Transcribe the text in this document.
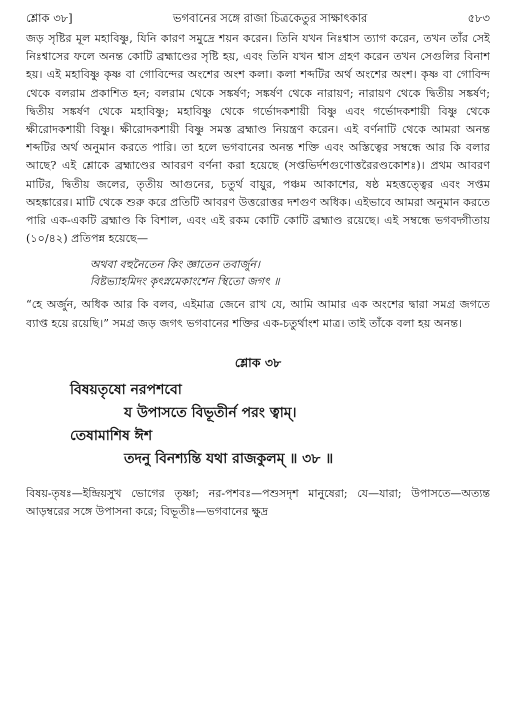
শ্লোক ৩৮]	ভগবানের সঙ্গে রাজা চিত্রকেতুর সাক্ষাৎকার	৫৮৩

জড় সৃষ্টির মূল মহাবিষ্ণু, যিনি কারণ সমুদ্রে শয়ন করেন। তিনি যখন নিঃশ্বাস ত্যাগ করেন, তখন তাঁর সেই নিঃশ্বাসের ফলে অনন্ত কোটি ব্রহ্মাণ্ডের সৃষ্টি হয়, এবং তিনি যখন শ্বাস গ্রহণ করেন তখন সেগুলির বিনাশ হয়। এই মহাবিষ্ণু কৃষ্ণ বা গোবিন্দের অংশের অংশ কলা। কলা শব্দটির অর্থ অংশের অংশ। কৃষ্ণ বা গোবিন্দ থেকে বলরাম প্রকাশিত হন; বলরাম থেকে সঙ্কর্ষণ; সঙ্কর্ষণ থেকে নারায়ণ; নারায়ণ থেকে দ্বিতীয় সঙ্কর্ষণ; দ্বিতীয় সঙ্কর্ষণ থেকে মহাবিষ্ণু; মহাবিষ্ণু থেকে গর্ভোদকশায়ী বিষ্ণু এবং গর্ভোদকশায়ী বিষ্ণু থেকে ক্ষীরোদকশায়ী বিষ্ণু। ক্ষীরোদকশায়ী বিষ্ণু সমস্ত ব্রহ্মাণ্ড নিয়ন্ত্রণ করেন। এই বর্ণনাটি থেকে আমরা অনন্ত শব্দটির অর্থ অনুমান করতে পারি। তা হলে ভগবানের অনন্ত শক্তি এবং অস্তিত্বের সম্বন্ধে আর কি বলার আছে? এই শ্লোকে ব্রহ্মাণ্ডের আবরণ বর্ণনা করা হয়েছে (সপ্তভির্দশগুণোত্তরৈরণ্ডকোশঃ)। প্রথম আবরণ মাটির, দ্বিতীয় জলের, তৃতীয় আগুনের, চতুর্থ বায়ুর, পঞ্চম আকাশের, ষষ্ঠ মহত্তত্ত্বের এবং সপ্তম অহঙ্কারের। মাটি থেকে শুরু করে প্রতিটি আবরণ উত্তরোত্তর দশগুণ অধিক। এইভাবে আমরা অনুমান করতে পারি এক-একটি ব্রহ্মাণ্ড কি বিশাল, এবং এই রকম কোটি কোটি ব্রহ্মাণ্ড রয়েছে। এই সম্বন্ধে ভগবদ্গীতায় (১০/৪২) প্রতিপন্ন হয়েছে—

অথবা বহুনৈতেন কিং জ্ঞাতেন তবার্জুন।
বিষ্টভ্যাহমিদং কৃৎস্নমেকাংশেন স্থিতো জগৎ ॥

“হে অর্জুন, অধিক আর কি বলব, এইমাত্র জেনে রাখ যে, আমি আমার এক অংশের দ্বারা সমগ্র জগতে ব্যাপ্ত হয়ে রয়েছি।” সমগ্র জড় জগৎ ভগবানের শক্তির এক-চতুর্থাংশ মাত্র। তাই তাঁকে বলা হয় অনন্ত।

শ্লোক ৩৮
বিষয়তৃষো নরপশবো
য উপাসতে বিভূতীর্ন পরং ত্বাম্‌।
তেষামাশিষ ঈশ
তদনু বিনশ্যন্তি যথা রাজকুলম্‌ ॥ ৩৮ ॥
বিষয়-তৃষঃ—ইন্দ্রিয়সুখ ভোগের তৃষ্ণা; নর-পশবঃ—পশুসদৃশ মানুষেরা; যে—যারা; উপাসতে—অত্যন্ত আড়ম্বরের সঙ্গে উপাসনা করে; বিভূতীঃ—ভগবানের ক্ষুদ্র
